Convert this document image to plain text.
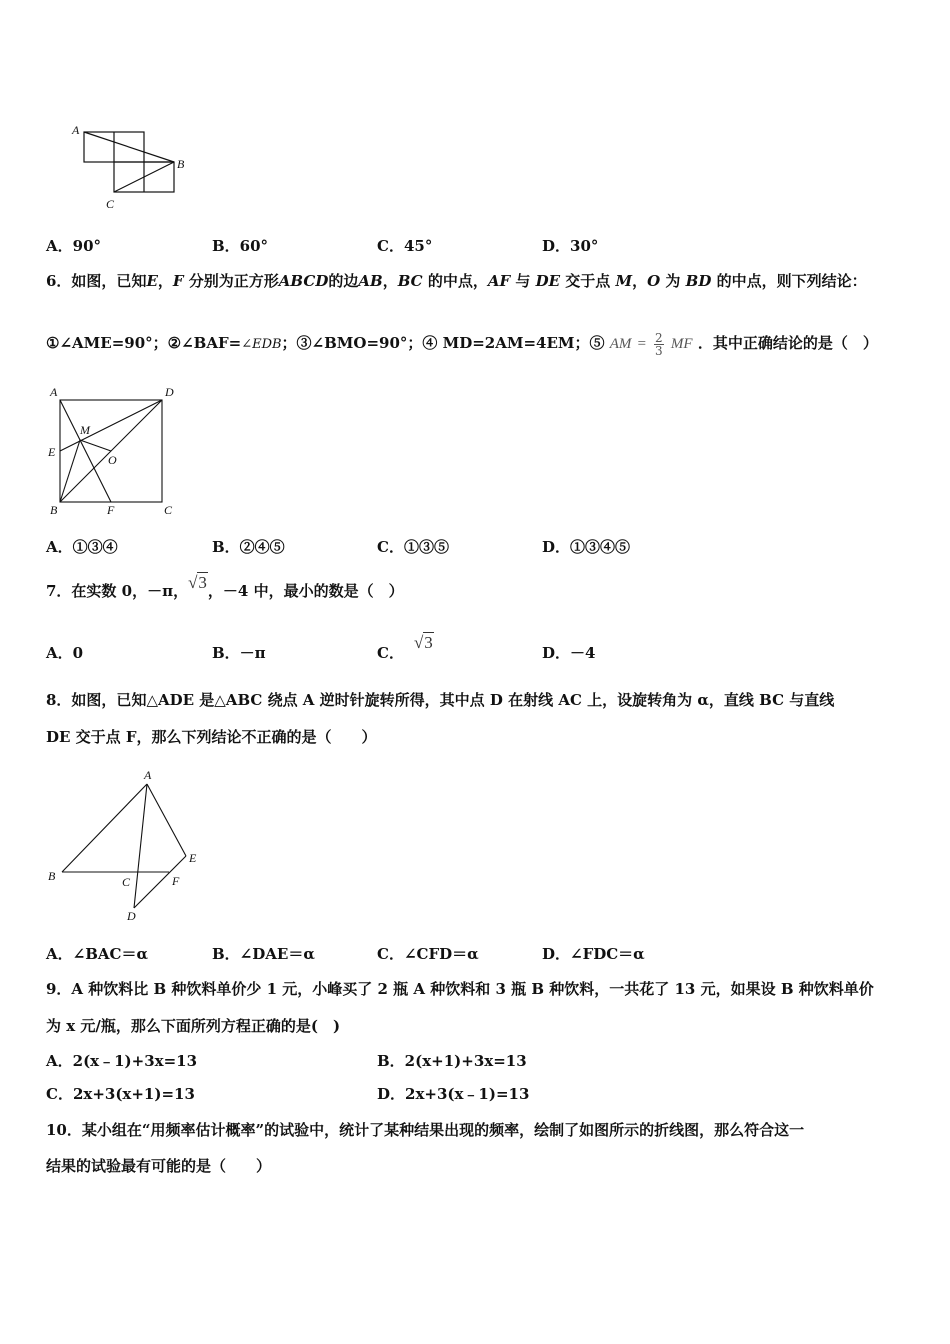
A
B
C
A．90°	B．60°	C．45°	D．30°
6．如图，已知E，F 分别为正方形ABCD的边AB，BC 的中点，AF 与 DE 交于点 M，O 为 BD 的中点，则下列结论：
①∠AME=90°；②∠BAF=∠EDB；③∠BMO=90°；④ MD=2AM=4EM；⑤ AM = $\frac{2}{3}$ MF ．其中正确结论的是（　）
A	D
M
E
O
B	F	C
A．①③④	B．②④⑤	C．①③⑤	D．①③④⑤
7．在实数 0，－π，√3，－4 中，最小的数是（　）
A．0	B．－π	C．√3
D．－4
8．如图，已知△ADE 是△ABC 绕点 A 逆时针旋转所得，其中点 D 在射线 AC 上，设旋转角为 α，直线 BC 与直线
DE 交于点 F，那么下列结论不正确的是（　　）
A
B	C
E
F
D
A．∠BAC＝α	B．∠DAE＝α	C．∠CFD＝α	D．∠FDC＝α
9．A 种饮料比 B 种饮料单价少 1 元，小峰买了 2 瓶 A 种饮料和 3 瓶 B 种饮料，一共花了 13 元，如果设 B 种饮料单价
为 x 元/瓶，那么下面所列方程正确的是(　)
A．2(x﹣1)+3x=13	B．2(x+1)+3x=13
C．2x+3(x+1)=13	D．2x+3(x﹣1)=13
10．某小组在“用频率估计概率”的试验中，统计了某种结果出现的频率，绘制了如图所示的折线图，那么符合这一
结果的试验最有可能的是（　　）
